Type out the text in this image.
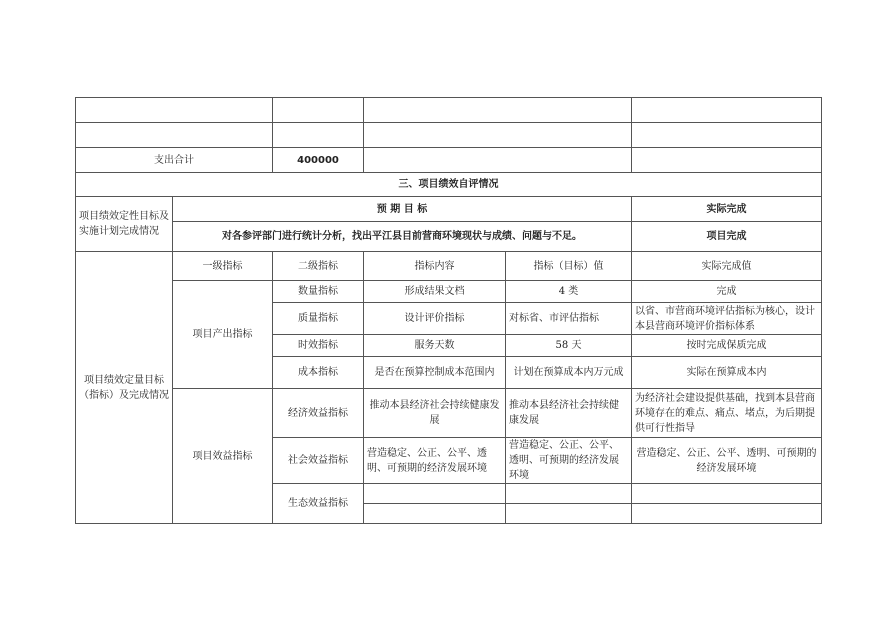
支出合计		400000			
三、项目绩效自评情况					
项目绩效定性目标及实施计划完成情况	预 期 目 标				实际完成
	对各参评部门进行统计分析，找出平江县目前营商环境现状与成绩、问题与不足。				项目完成
项目绩效定量目标（指标）及完成情况	一级指标	二级指标	指标内容	指标（目标）值	实际完成值
	项目产出指标	数量指标	形成结果文档	4 类	完成
		质量指标	设计评价指标	对标省、市评估指标	以省、市营商环境评估指标为核心，设计本县营商环境评价指标体系
		时效指标	服务天数	58 天	按时完成保质完成
		成本指标	是否在预算控制成本范围内	计划在预算成本内万元成	实际在预算成本内
	项目效益指标	经济效益指标	推动本县经济社会持续健康发展	推动本县经济社会持续健康发展	为经济社会建设提供基础，找到本县营商环境存在的难点、痛点、堵点，为后期提供可行性指导
		社会效益指标	营造稳定、公正、公平、透明、可预期的经济发展环境	营造稳定、公正、公平、透明、可预期的经济发展环境	营造稳定、公正、公平、透明、可预期的经济发展环境
		生态效益指标			
